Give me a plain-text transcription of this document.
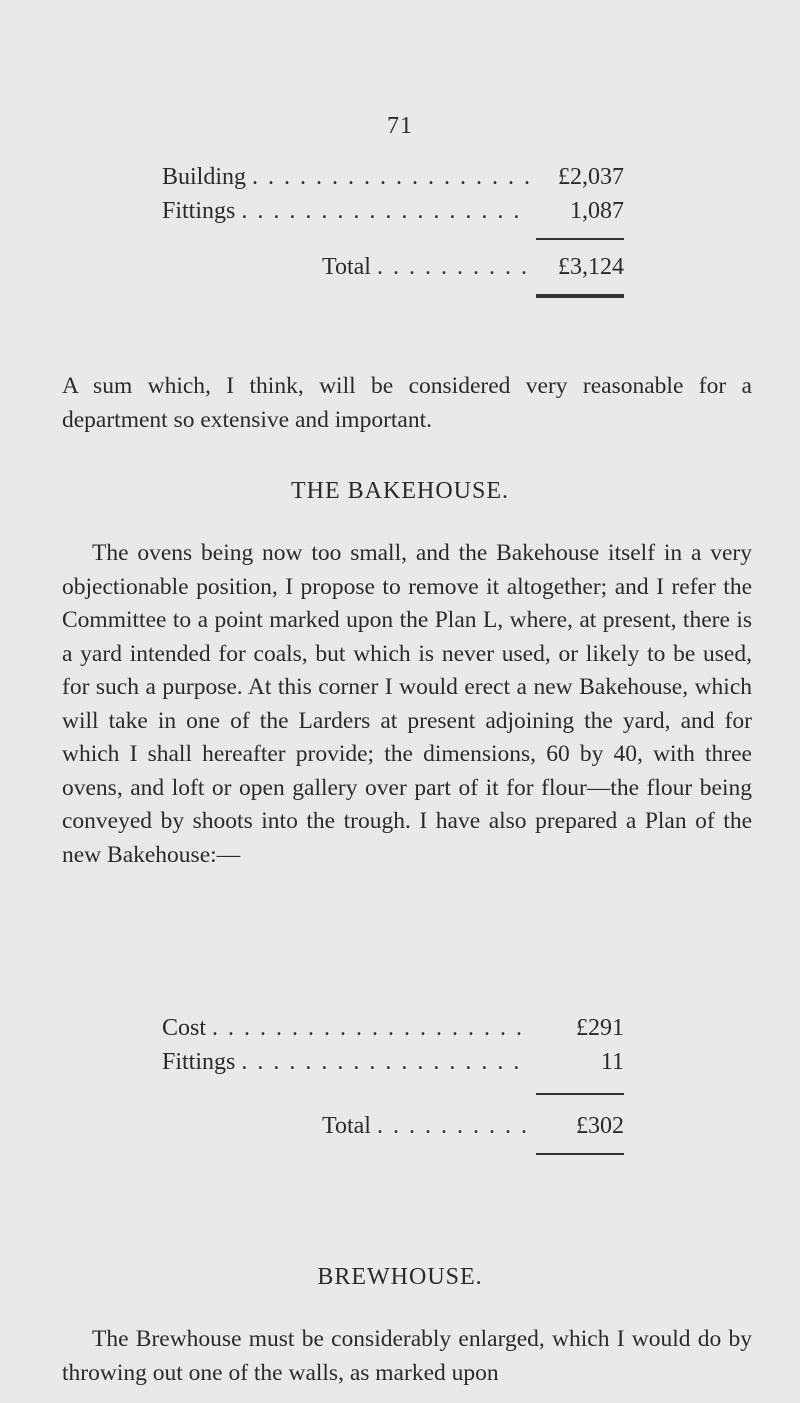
71
Building . . .	£2,037
Fittings . . .	1,087
Total . . .	£3,124

A sum which, I think, will be considered very reasonable for a department so extensive and important.

THE BAKEHOUSE.

The ovens being now too small, and the Bakehouse itself in a very objectionable position, I propose to remove it altogether; and I refer the Committee to a point marked upon the Plan L, where, at present, there is a yard intended for coals, but which is never used, or likely to be used, for such a purpose. At this corner I would erect a new Bakehouse, which will take in one of the Larders at present adjoining the yard, and for which I shall hereafter provide; the dimensions, 60 by 40, with three ovens, and loft or open gallery over part of it for flour—the flour being conveyed by shoots into the trough. I have also prepared a Plan of the new Bakehouse:—

Cost . . .	£291
Fittings . . .	11
Total . . .	£302
BREWHOUSE.

The Brewhouse must be considerably enlarged, which I would do by throwing out one of the walls, as marked upon
